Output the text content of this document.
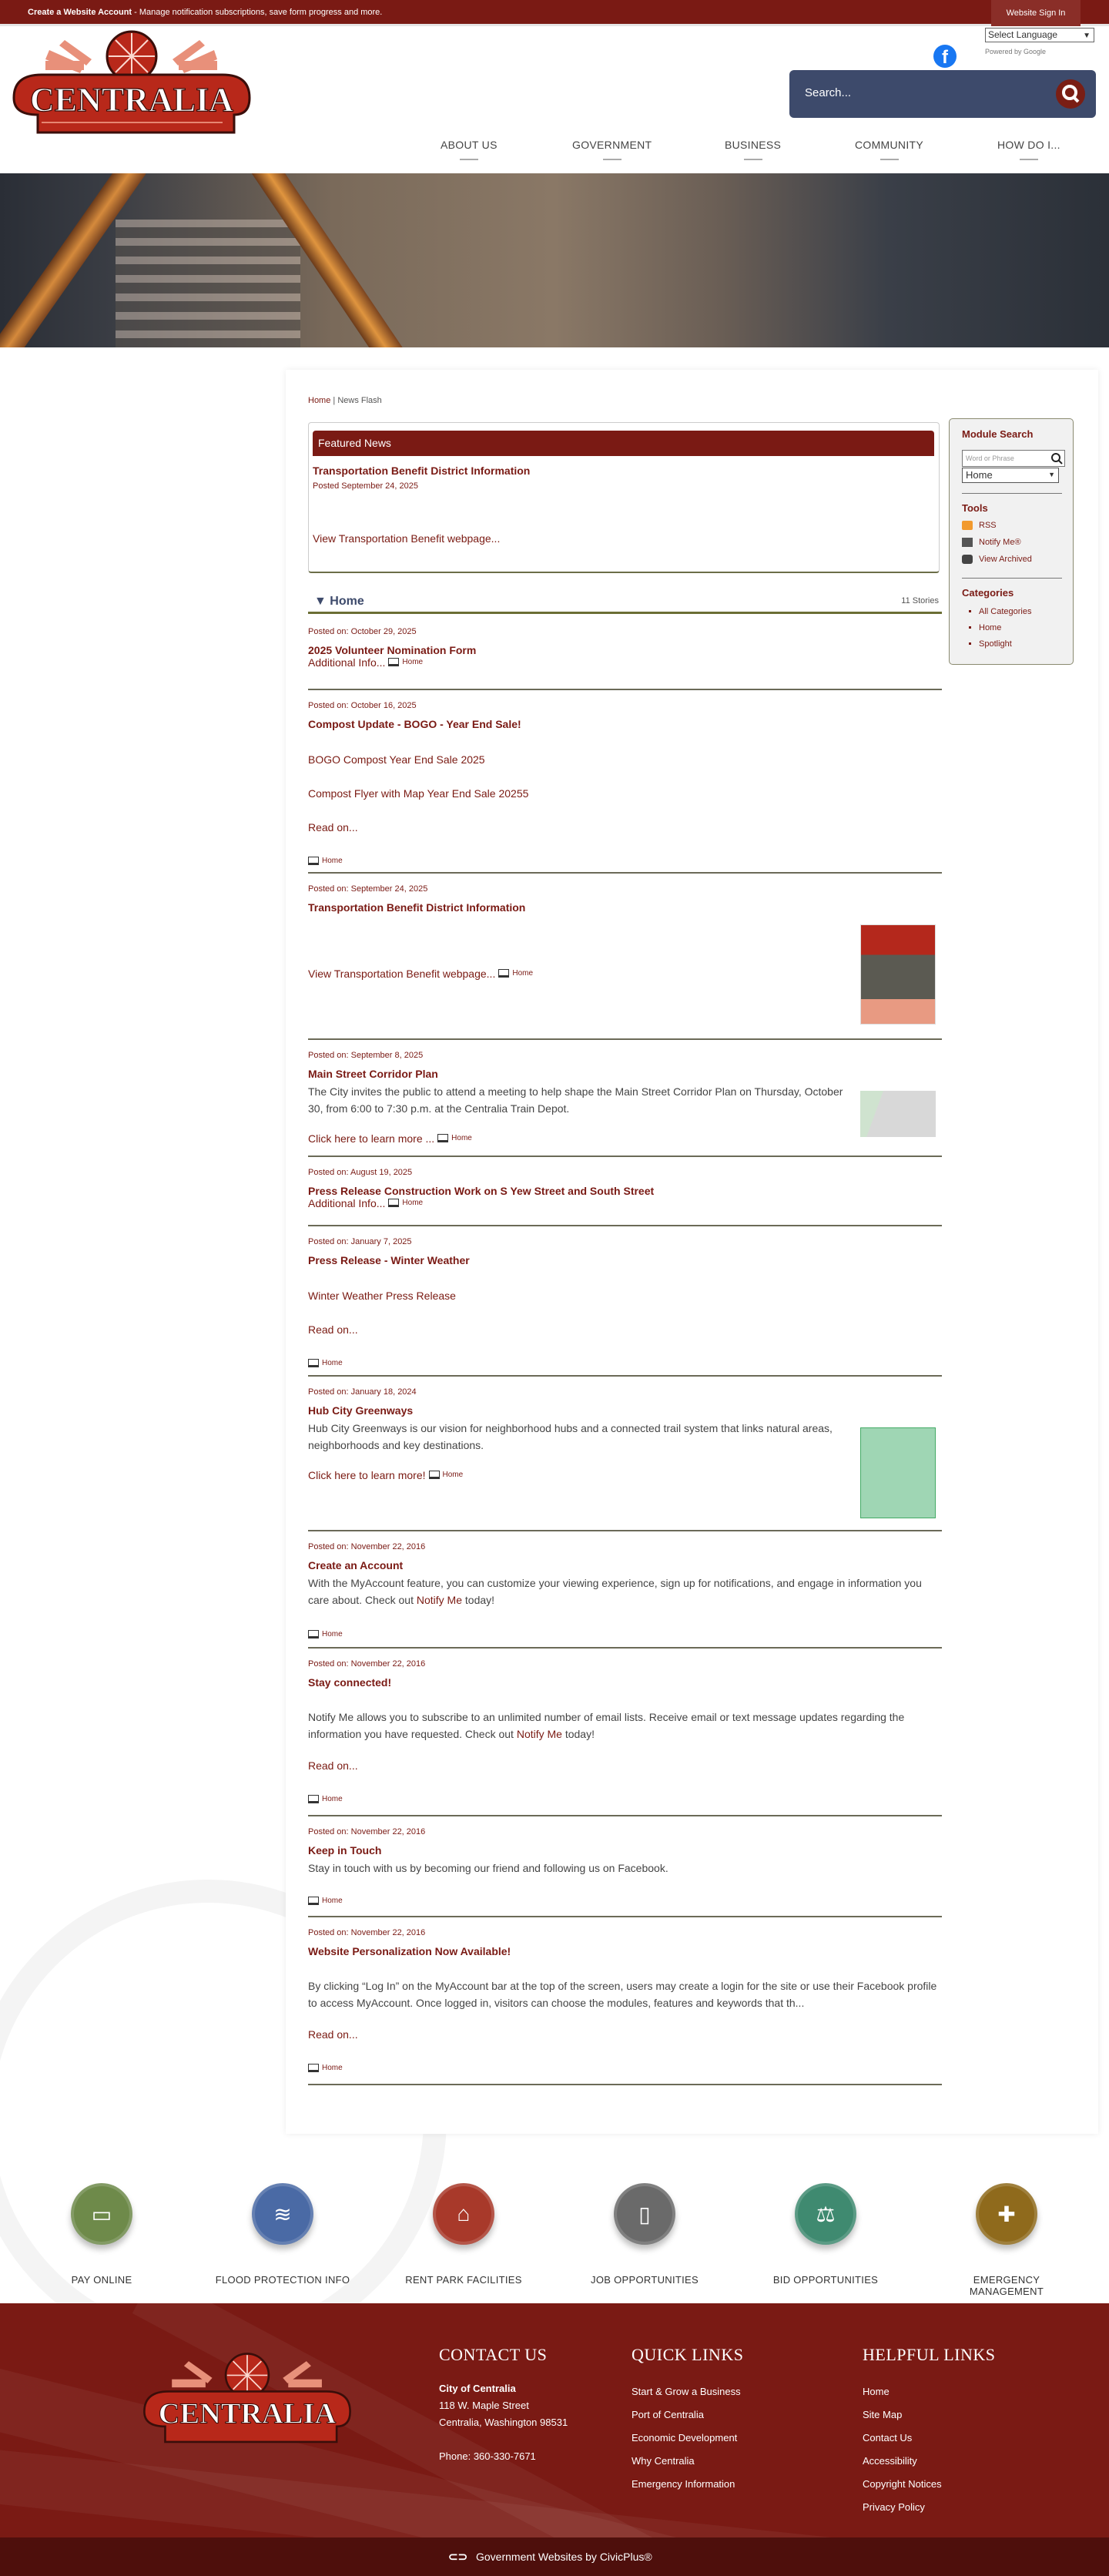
Create a Website Account - Manage notification subscriptions, save form progress and more.	Website Sign In
CENTRALIA
Select Language	▼
Powered by Google
f
Search...
ABOUT US	GOVERNMENT	BUSINESS	COMMUNITY	HOW DO I...
Home | News Flash
Featured News
Transportation Benefit District Information
Posted September 24, 2025
View Transportation Benefit webpage...
▼ Home	11 Stories
Posted on: October 29, 2025
2025 Volunteer Nomination Form
Additional Info... Home
Posted on: October 16, 2025
Compost Update - BOGO - Year End Sale!
BOGO Compost Year End Sale 2025
Compost Flyer with Map Year End Sale 20255
Read on...
Home
Posted on: September 24, 2025
Transportation Benefit District Information
View Transportation Benefit webpage... Home
Posted on: September 8, 2025
Main Street Corridor Plan
The City invites the public to attend a meeting to help shape the Main Street Corridor Plan on Thursday, October 30, from 6:00 to 7:30 p.m. at the Centralia Train Depot.
Click here to learn more ... Home
Posted on: August 19, 2025
Press Release Construction Work on S Yew Street and South Street
Additional Info... Home
Posted on: January 7, 2025
Press Release - Winter Weather
Winter Weather Press Release
Read on...
Home
Posted on: January 18, 2024
Hub City Greenways
Hub City Greenways is our vision for neighborhood hubs and a connected trail system that links natural areas, neighborhoods and key destinations.
Click here to learn more! Home
Posted on: November 22, 2016
Create an Account
With the MyAccount feature, you can customize your viewing experience, sign up for notifications, and engage in information you care about. Check out Notify Me today!
Home
Posted on: November 22, 2016
Stay connected!
Notify Me allows you to subscribe to an unlimited number of email lists. Receive email or text message updates regarding the information you have requested. Check out Notify Me today!
Read on...
Home
Posted on: November 22, 2016
Keep in Touch
Stay in touch with us by becoming our friend and following us on Facebook.
Home
Posted on: November 22, 2016
Website Personalization Now Available!
By clicking “Log In” on the MyAccount bar at the top of the screen, users may create a login for the site or use their Facebook profile to access MyAccount. Once logged in, visitors can choose the modules, features and keywords that th...
Read on...
Home
Module Search
Word or Phrase
Home	▼
Tools
RSS
Notify Me®
View Archived
Categories
▪ All Categories
▪ Home
▪ Spotlight
▭
PAY ONLINE
≋
FLOOD PROTECTION INFO
⌂
RENT PARK FACILITIES
▯
JOB OPPORTUNITIES
⚖
BID OPPORTUNITIES
✚
EMERGENCY MANAGEMENT
CENTRALIA
CONTACT US
City of Centralia
118 W. Maple Street
Centralia, Washington 98531
Phone: 360-330-7671
QUICK LINKS
Start & Grow a Business
Port of Centralia
Economic Development
Why Centralia
Emergency Information
HELPFUL LINKS
Home
Site Map
Contact Us
Accessibility
Copyright Notices
Privacy Policy
⊂⊃ Government Websites by CivicPlus®
